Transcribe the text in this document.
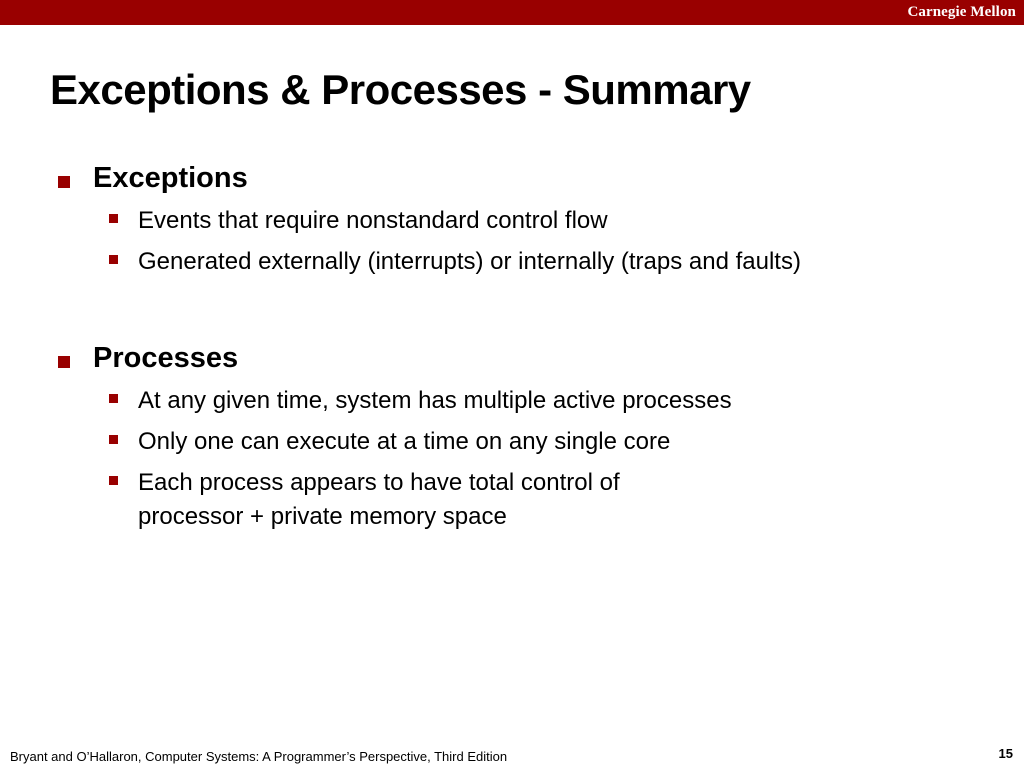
Carnegie Mellon
Exceptions & Processes - Summary
Exceptions
Events that require nonstandard control flow
Generated externally (interrupts) or internally (traps and faults)
Processes
At any given time, system has multiple active processes
Only one can execute at a time on any single core
Each process appears to have total control of processor + private memory space
Bryant and O’Hallaron, Computer Systems: A Programmer’s Perspective, Third Edition	15
